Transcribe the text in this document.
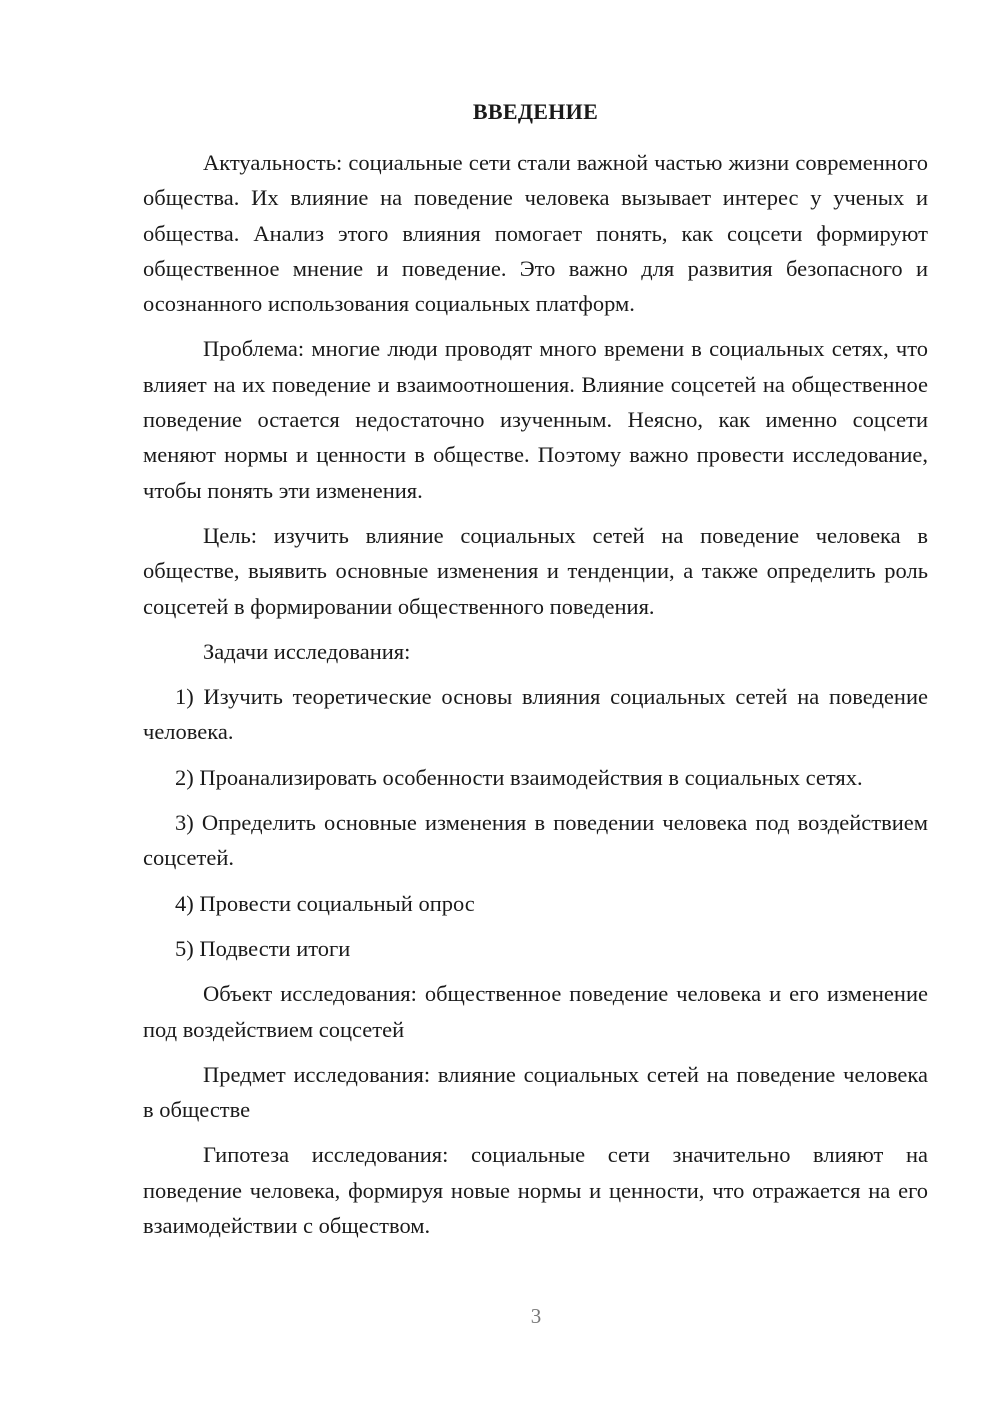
ВВЕДЕНИЕ

Актуальность: социальные сети стали важной частью жизни современного общества. Их влияние на поведение человека вызывает интерес у ученых и общества. Анализ этого влияния помогает понять, как соцсети формируют общественное мнение и поведение. Это важно для развития безопасного и осознанного использования социальных платформ.

Проблема: многие люди проводят много времени в социальных сетях, что влияет на их поведение и взаимоотношения. Влияние соцсетей на общественное поведение остается недостаточно изученным. Неясно, как именно соцсети меняют нормы и ценности в обществе. Поэтому важно провести исследование, чтобы понять эти изменения.

Цель: изучить влияние социальных сетей на поведение человека в обществе, выявить основные изменения и тенденции, а также определить роль соцсетей в формировании общественного поведения.

Задачи исследования:

1) Изучить теоретические основы влияния социальных сетей на поведение человека.

2) Проанализировать особенности взаимодействия в социальных сетях.

3) Определить основные изменения в поведении человека под воздействием соцсетей.

4) Провести социальный опрос

5) Подвести итоги

Объект исследования: общественное поведение человека и его изменение под воздействием соцсетей

Предмет исследования: влияние социальных сетей на поведение человека в обществе

Гипотеза исследования: социальные сети значительно влияют на поведение человека, формируя новые нормы и ценности, что отражается на его взаимодействии с обществом.

3
